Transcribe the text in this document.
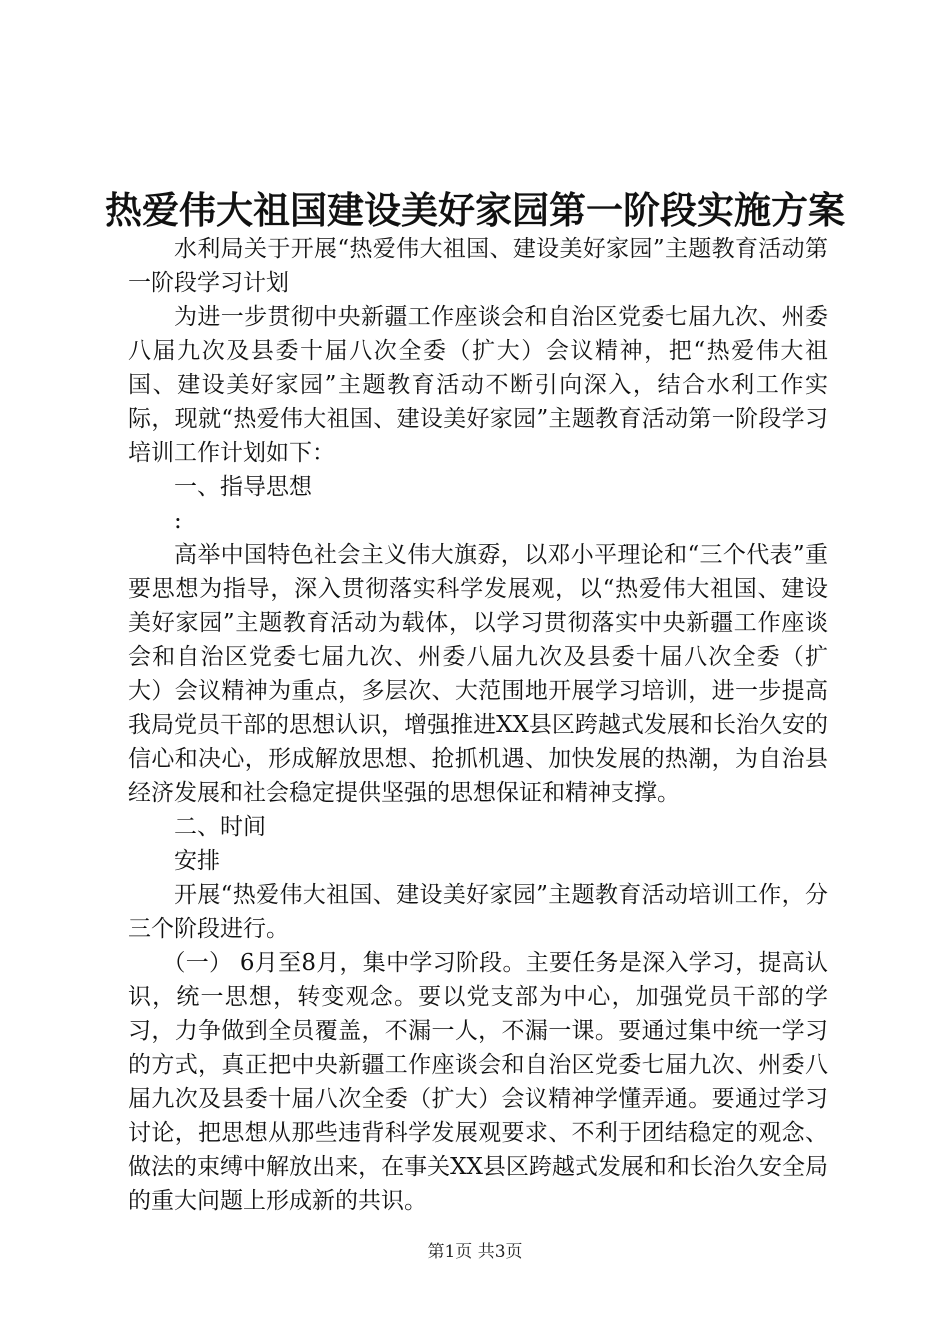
热爱伟大祖国建设美好家园第一阶段实施方案

水利局关于开展“热爱伟大祖国、建设美好家园”主题教育活动第一阶段学习计划

为进一步贯彻中央新疆工作座谈会和自治区党委七届九次、州委八届九次及县委十届八次全委（扩大）会议精神，把“热爱伟大祖国、建设美好家园”主题教育活动不断引向深入，结合水利工作实际，现就“热爱伟大祖国、建设美好家园”主题教育活动第一阶段学习培训工作计划如下：

一、指导思想

:

高举中国特色社会主义伟大旗孬，以邓小平理论和“三个代表”重要思想为指导，深入贯彻落实科学发展观，以“热爱伟大祖国、建设美好家园”主题教育活动为载体，以学习贯彻落实中央新疆工作座谈会和自治区党委七届九次、州委八届九次及县委十届八次全委（扩大）会议精神为重点，多层次、大范围地开展学习培训，进一步提高我局党员干部的思想认识，增强推进XX县区跨越式发展和长治久安的信心和决心，形成解放思想、抢抓机遇、加快发展的热潮，为自治县经济发展和社会稳定提供坚强的思想保证和精神支撑。

二、时间

安排

开展“热爱伟大祖国、建设美好家园”主题教育活动培训工作，分三个阶段进行。

（一） 6月至8月，集中学习阶段。主要任务是深入学习，提高认识，统一思想，转变观念。要以党支部为中心，加强党员干部的学习，力争做到全员覆盖，不漏一人，不漏一课。要通过集中统一学习的方式，真正把中央新疆工作座谈会和自治区党委七届九次、州委八届九次及县委十届八次全委（扩大）会议精神学懂弄通。要通过学习讨论，把思想从那些违背科学发展观要求、不利于团结稳定的观念、做法的束缚中解放出来，在事关XX县区跨越式发展和和长治久安全局的重大问题上形成新的共识。

第1页 共3页
